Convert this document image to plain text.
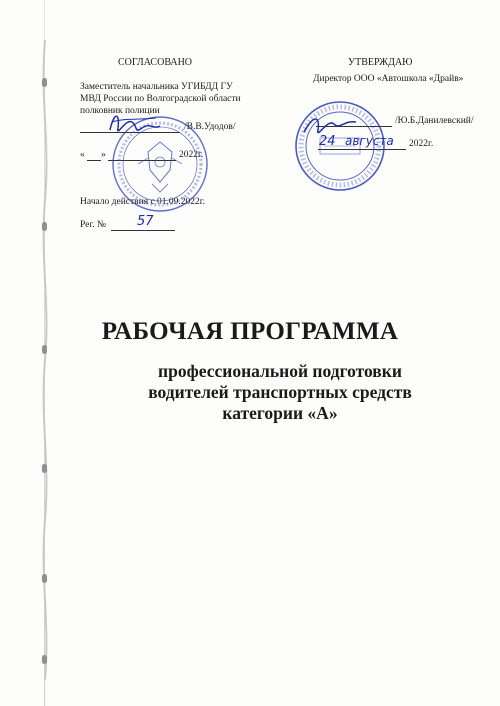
СОГЛАСОВАНО
Заместитель начальника УГИБДД ГУ
МВД России по Волгоградской области
полковник полиции
/В.В.Удодов/
« »	2022г.
Начало действия с 01.09.2022г.
Рег. № 57
УТВЕРЖДАЮ
Директор ООО «Автошкола «Драйв»
/Ю.Б.Данилевский/
2022г.
24 августа
РАБОЧАЯ ПРОГРАММА
профессиональной подготовки
водителей транспортных средств
категории «А»
